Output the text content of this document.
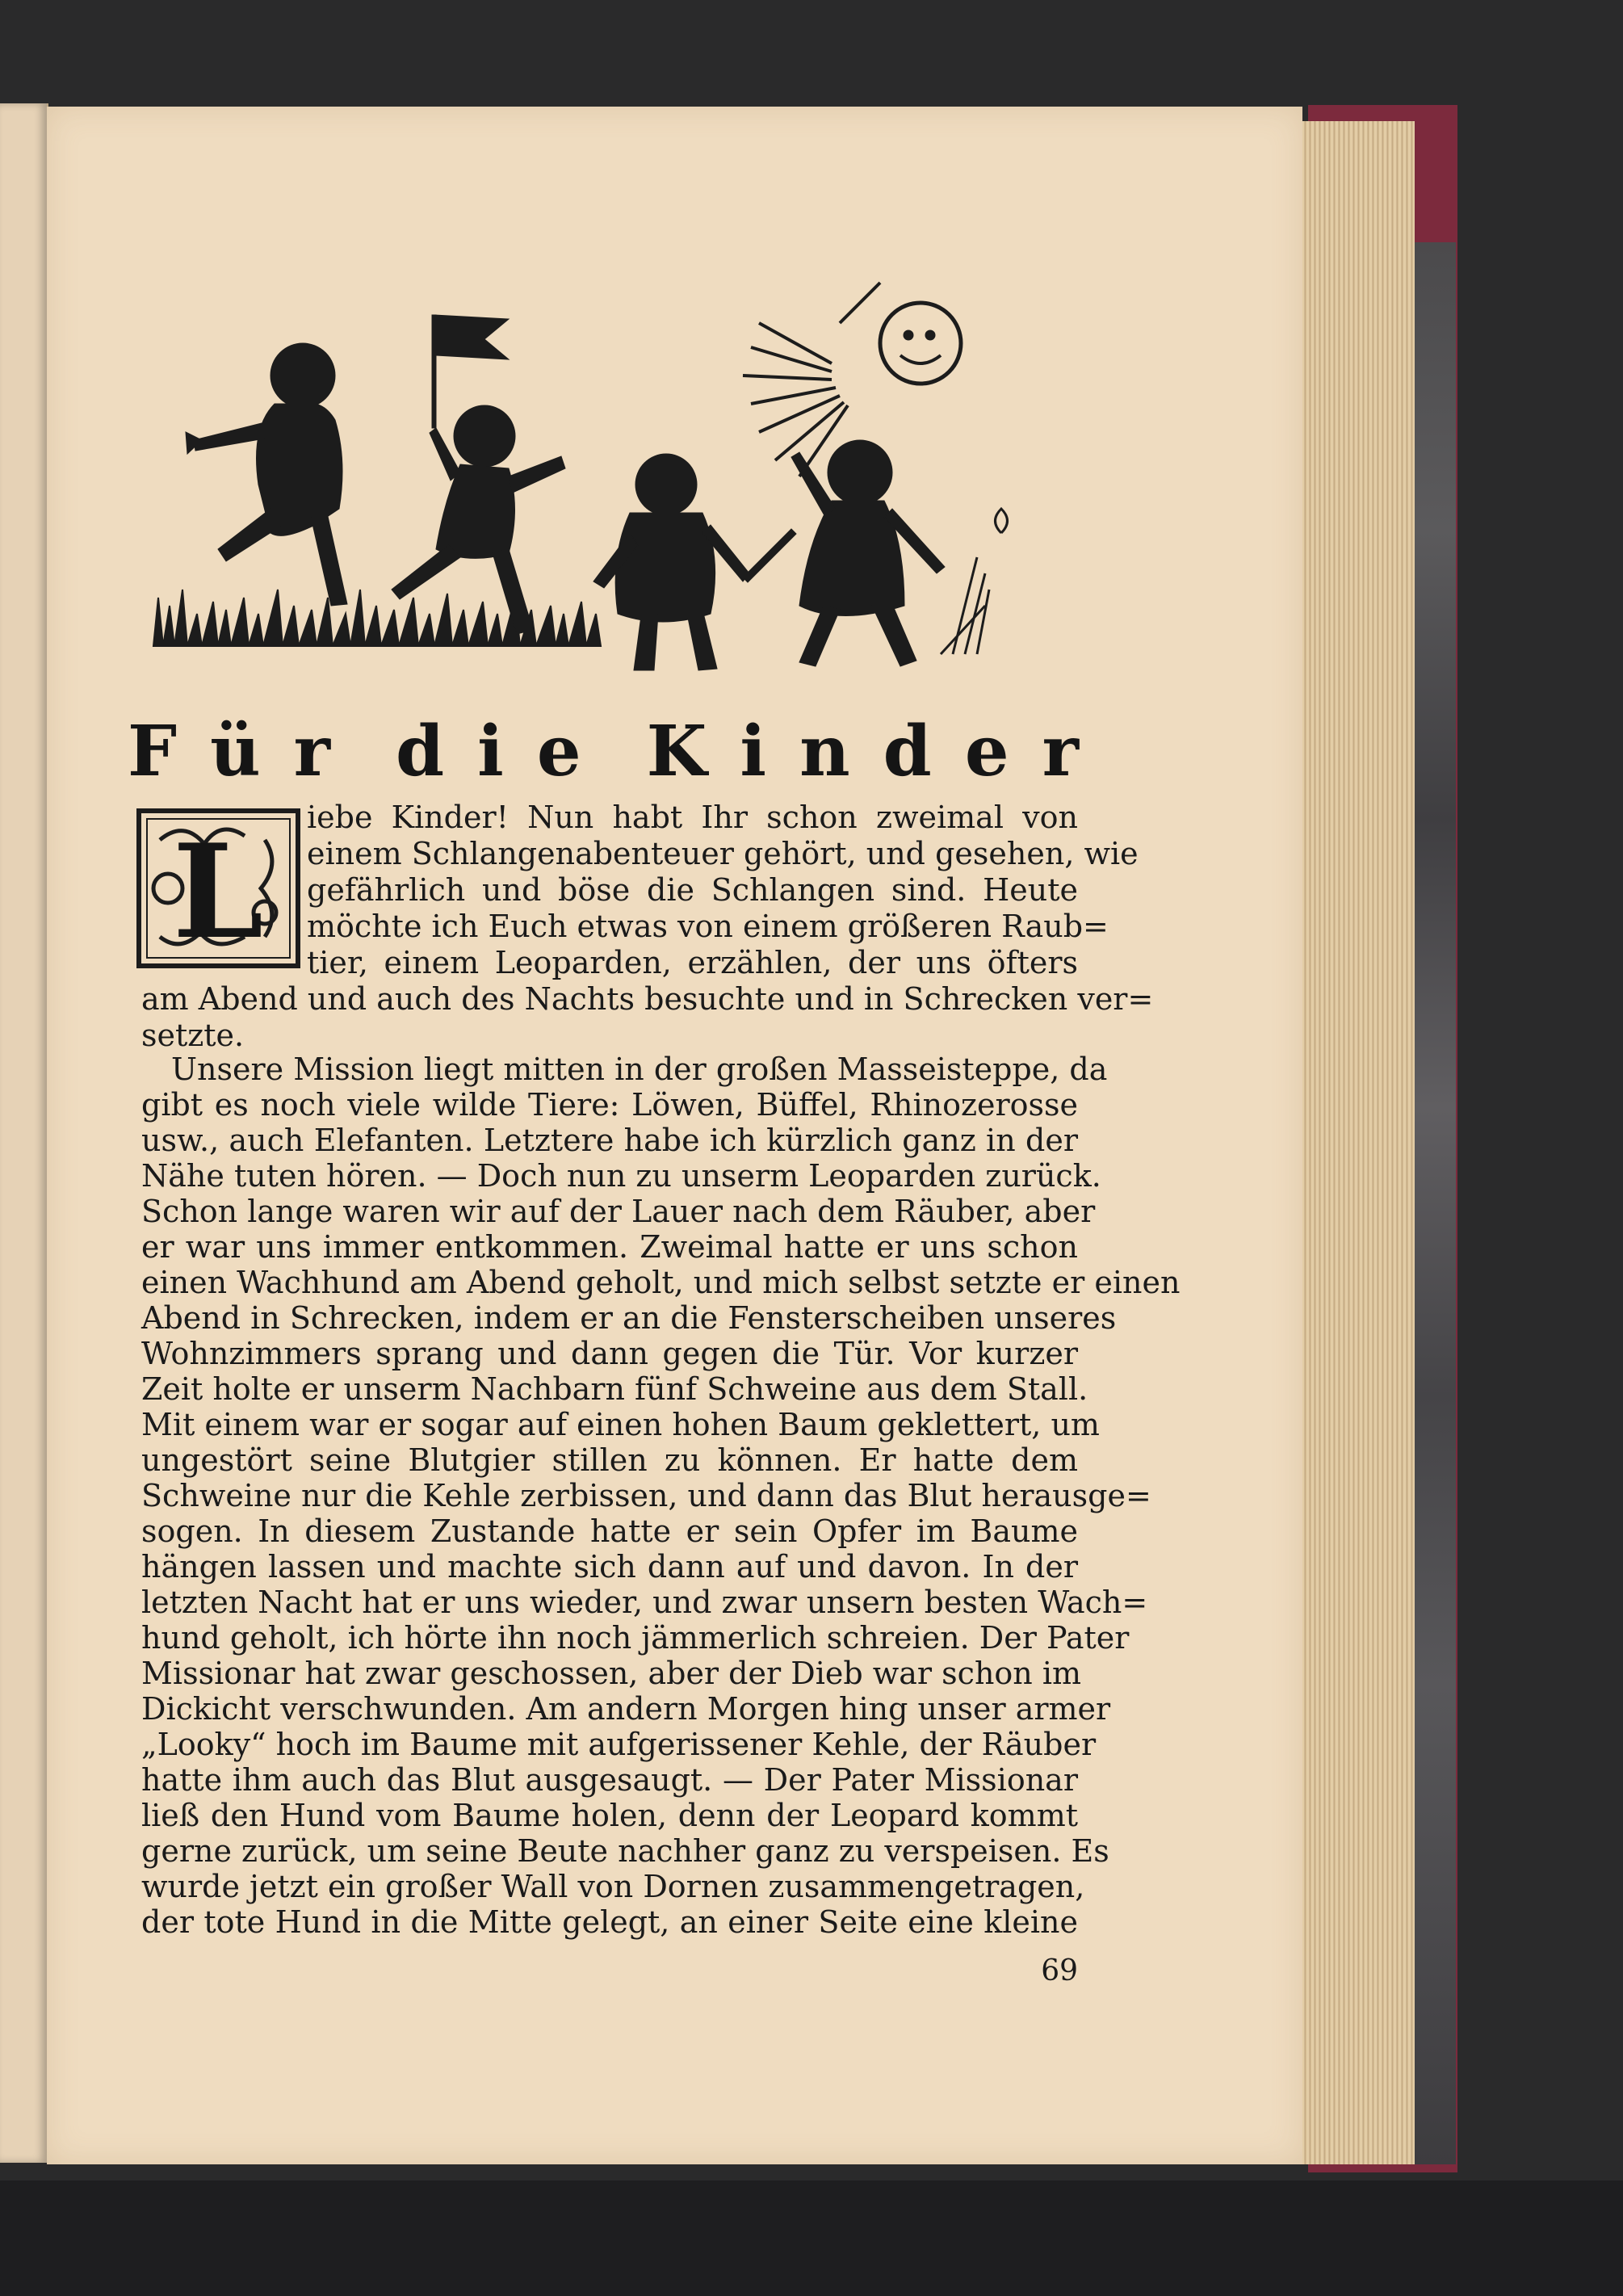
F ü r d i e K i n d e r
L iebe Kinder! Nun habt Ihr schon zweimal von
einem Schlangenabenteuer gehört, und gesehen, wie
gefährlich und böse die Schlangen sind. Heute
möchte ich Euch etwas von einem größeren Raub=
tier, einem Leoparden, erzählen, der uns öfters
am Abend und auch des Nachts besuchte und in Schrecken ver=
setzte.
Unsere Mission liegt mitten in der großen Masseisteppe, da
gibt es noch viele wilde Tiere: Löwen, Büffel, Rhinozerosse
usw., auch Elefanten. Letztere habe ich kürzlich ganz in der
Nähe tuten hören. — Doch nun zu unserm Leoparden zurück.
Schon lange waren wir auf der Lauer nach dem Räuber, aber
er war uns immer entkommen. Zweimal hatte er uns schon
einen Wachhund am Abend geholt, und mich selbst setzte er einen
Abend in Schrecken, indem er an die Fensterscheiben unseres
Wohnzimmers sprang und dann gegen die Tür. Vor kurzer
Zeit holte er unserm Nachbarn fünf Schweine aus dem Stall.
Mit einem war er sogar auf einen hohen Baum geklettert, um
ungestört seine Blutgier stillen zu können. Er hatte dem
Schweine nur die Kehle zerbissen, und dann das Blut herausge=
sogen. In diesem Zustande hatte er sein Opfer im Baume
hängen lassen und machte sich dann auf und davon. In der
letzten Nacht hat er uns wieder, und zwar unsern besten Wach=
hund geholt, ich hörte ihn noch jämmerlich schreien. Der Pater
Missionar hat zwar geschossen, aber der Dieb war schon im
Dickicht verschwunden. Am andern Morgen hing unser armer
„Looky“ hoch im Baume mit aufgerissener Kehle, der Räuber
hatte ihm auch das Blut ausgesaugt. — Der Pater Missionar
ließ den Hund vom Baume holen, denn der Leopard kommt
gerne zurück, um seine Beute nachher ganz zu verspeisen. Es
wurde jetzt ein großer Wall von Dornen zusammengetragen,
der tote Hund in die Mitte gelegt, an einer Seite eine kleine
69
